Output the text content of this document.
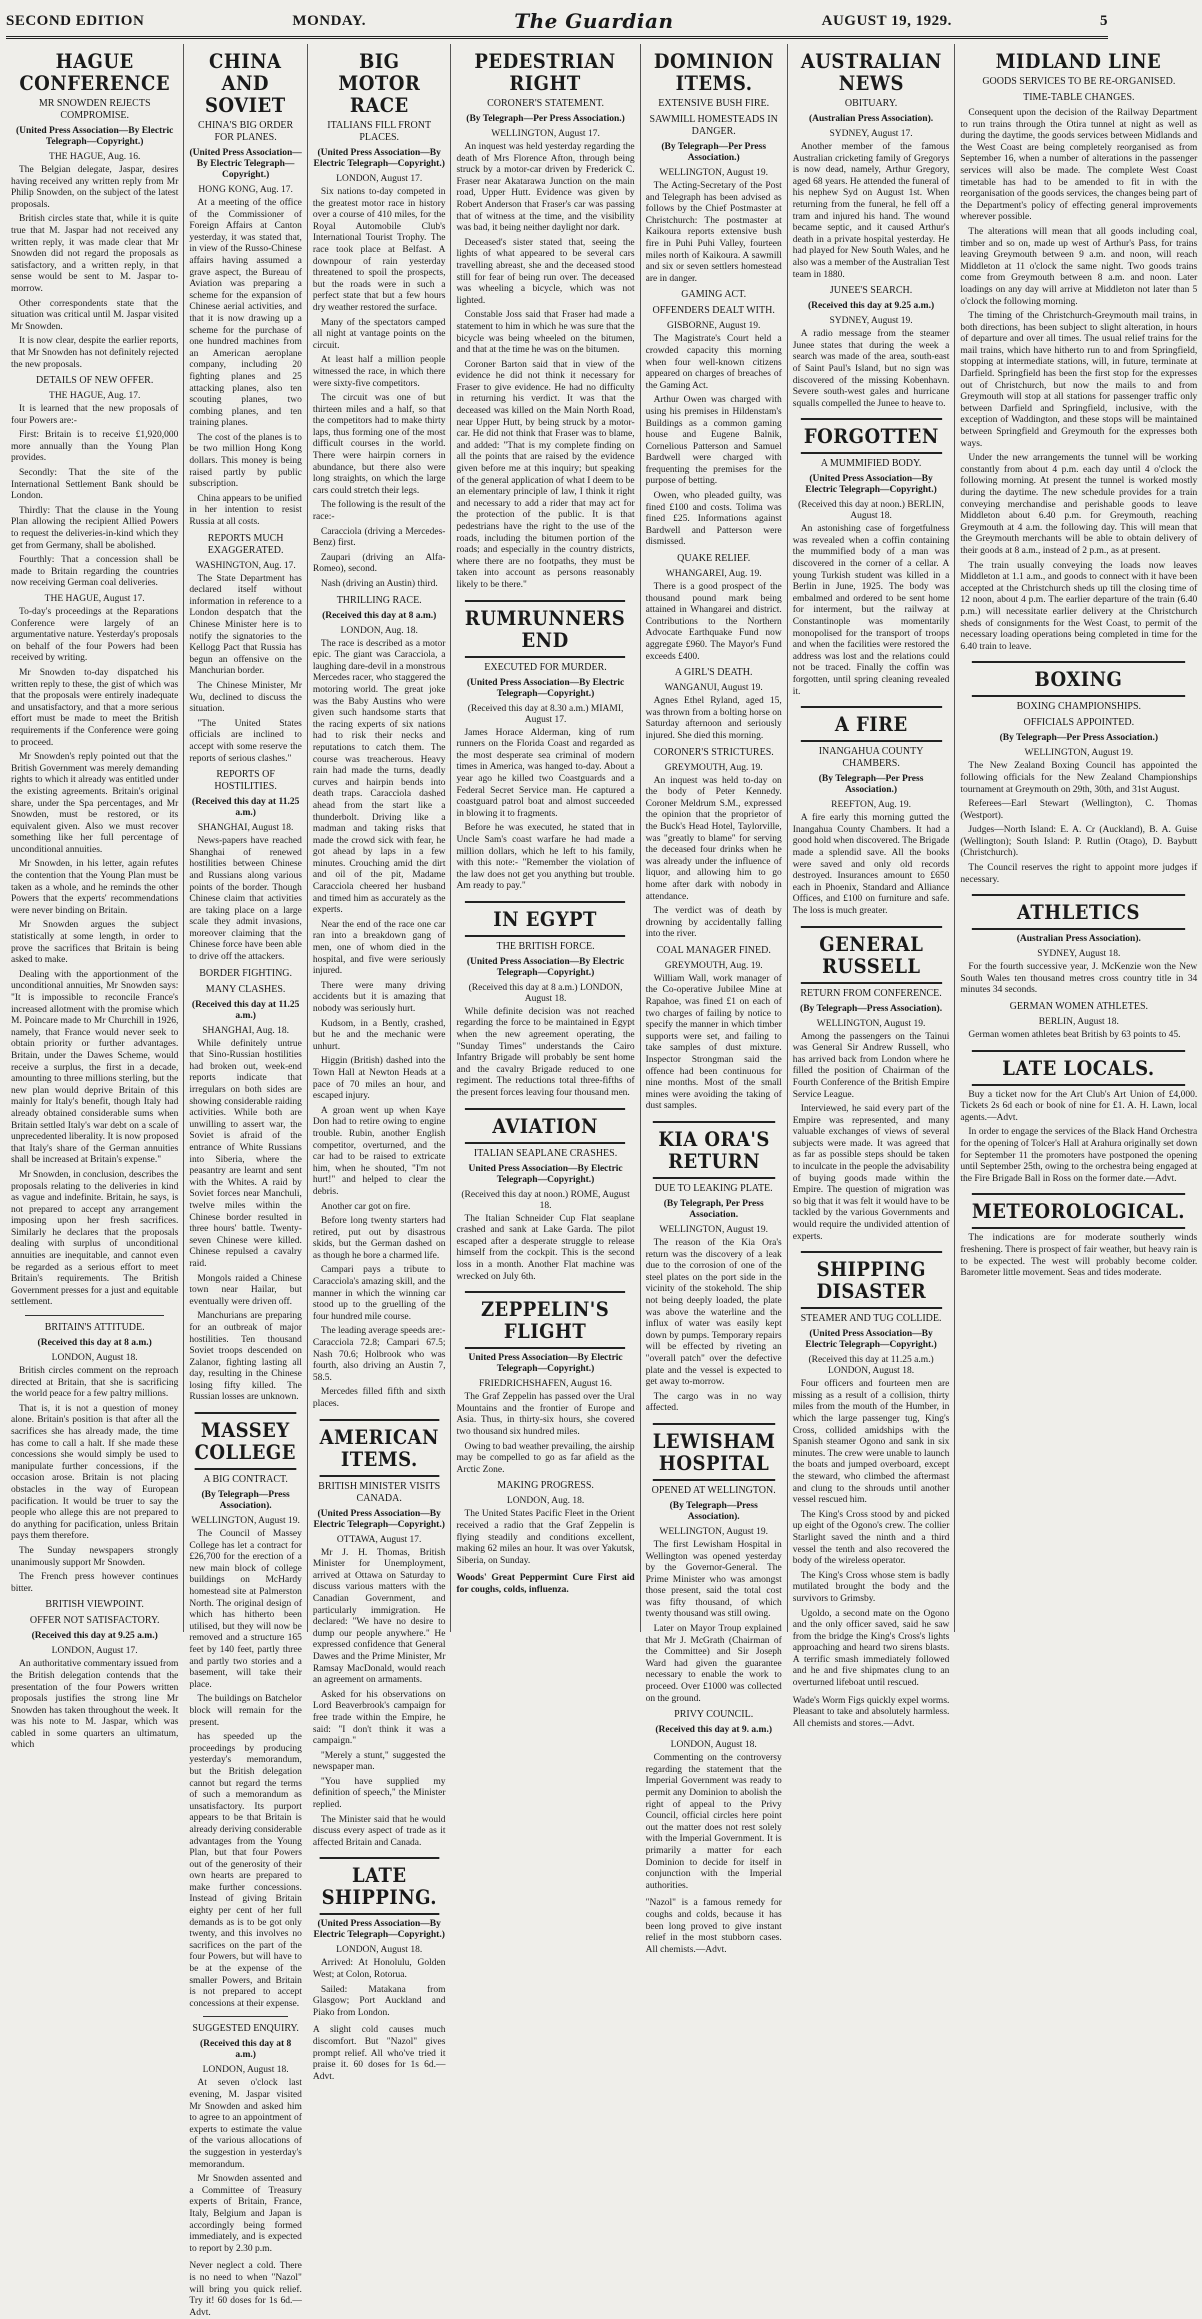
SECOND EDITION	MONDAY.	The Guardian	AUGUST 19, 1929.	5
HAGUE CONFERENCE
MR SNOWDEN REJECTS COMPROMISE.
(United Press Association—By Electric Telegraph—Copyright.)
THE HAGUE, Aug. 16.

The Belgian delegate, Jaspar, desires having received any written reply from Mr Philip Snowden, on the subject of the latest proposals.

British circles state that, while it is quite true that M. Jaspar had not received any written reply, it was made clear that Mr Snowden did not regard the proposals as satisfactory, and a written reply, in that sense would be sent to M. Jaspar to-morrow.

Other correspondents state that the situation was critical until M. Jaspar visited Mr Snowden.

It is now clear, despite the earlier reports, that Mr Snowden has not definitely rejected the new proposals.

DETAILS OF NEW OFFER.
THE HAGUE, Aug. 17.

It is learned that the new proposals of four Powers are:-

First: Britain is to receive £1,920,000 more annually than the Young Plan provides.

Secondly: That the site of the International Settlement Bank should be London.

Thirdly: That the clause in the Young Plan allowing the recipient Allied Powers to request the deliveries-in-kind which they get from Germany, shall be abolished.

Fourthly: That a concession shall be made to Britain regarding the countries now receiving German coal deliveries.

THE HAGUE, August 17.

To-day's proceedings at the Reparations Conference were largely of an argumentative nature. Yesterday's proposals on behalf of the four Powers had been received by writing.

Mr Snowden to-day dispatched his written reply to these, the gist of which was that the proposals were entirely inadequate and unsatisfactory, and that a more serious effort must be made to meet the British requirements if the Conference were going to proceed.

Mr Snowden's reply pointed out that the British Government was merely demanding rights to which it already was entitled under the existing agreements. Britain's original share, under the Spa percentages, and Mr Snowden, must be restored, or its equivalent given. Also we must recover something like her full percentage of unconditional annuities.

Mr Snowden, in his letter, again refutes the contention that the Young Plan must be taken as a whole, and he reminds the other Powers that the experts' recommendations were never binding on Britain.

Mr Snowden argues the subject statistically at some length, in order to prove the sacrifices that Britain is being asked to make.

Dealing with the apportionment of the unconditional annuities, Mr Snowden says: "It is impossible to reconcile France's increased allotment with the promise which M. Poincare made to Mr Churchill in 1926, namely, that France would never seek to obtain priority or further advantages. Britain, under the Dawes Scheme, would receive a surplus, the first in a decade, amounting to three millions sterling, but the new plan would deprive Britain of this mainly for Italy's benefit, though Italy had already obtained considerable sums when Britain settled Italy's war debt on a scale of unprecedented liberality. It is now proposed that Italy's share of the German annuities shall be increased at Britain's expense."

Mr Snowden, in conclusion, describes the proposals relating to the deliveries in kind as vague and indefinite. Britain, he says, is not prepared to accept any arrangement imposing upon her fresh sacrifices. Similarly he declares that the proposals dealing with surplus of unconditional annuities are inequitable, and cannot even be regarded as a serious effort to meet Britain's requirements. The British Government presses for a just and equitable settlement.

BRITAIN'S ATTITUDE.
(Received this day at 8 a.m.)
LONDON, August 18.

British circles comment on the reproach directed at Britain, that she is sacrificing the world peace for a few paltry millions.

That is, it is not a question of money alone. Britain's position is that after all the sacrifices she has already made, the time has come to call a halt. If she made these concessions she would simply be used to manipulate further concessions, if the occasion arose. Britain is not placing obstacles in the way of European pacification. It would be truer to say the people who allege this are not prepared to do anything for pacification, unless Britain pays them therefore.

The Sunday newspapers strongly unanimously support Mr Snowden.

The French press however continues bitter.

BRITISH VIEWPOINT.
OFFER NOT SATISFACTORY.
(Received this day at 9.25 a.m.)
LONDON, August 17.

An authoritative commentary issued from the British delegation contends that the presentation of the four Powers written proposals justifies the strong line Mr Snowden has taken throughout the week. It was his note to M. Jaspar, which was cabled in some quarters an ultimatum, which

CHINA AND SOVIET
CHINA'S BIG ORDER FOR PLANES.
(United Press Association—By Electric Telegraph—Copyright.)
HONG KONG, Aug. 17.

At a meeting of the office of the Commissioner of Foreign Affairs at Canton yesterday, it was stated that, in view of the Russo-Chinese affairs having assumed a grave aspect, the Bureau of Aviation was preparing a scheme for the expansion of Chinese aerial activities, and that it is now drawing up a scheme for the purchase of one hundred machines from an American aeroplane company, including 20 fighting planes and 25 attacking planes, also ten scouting planes, two combing planes, and ten training planes.

The cost of the planes is to be two million Hong Kong dollars. This money is being raised partly by public subscription.

China appears to be unified in her intention to resist Russia at all costs.

REPORTS MUCH EXAGGERATED.
WASHINGTON, Aug. 17.

The State Department has declared itself without information in reference to a London despatch that the Chinese Minister here is to notify the signatories to the Kellogg Pact that Russia has begun an offensive on the Manchurian border.

The Chinese Minister, Mr Wu, declined to discuss the situation.

"The United States officials are inclined to accept with some reserve the reports of serious clashes."

REPORTS OF HOSTILITIES.
(Received this day at 11.25 a.m.)
SHANGHAI, August 18.

News-papers have reached Shanghai of renewed hostilities between Chinese and Russians along various points of the border. Though Chinese claim that activities are taking place on a large scale they admit invasions, moreover claiming that the Chinese force have been able to drive off the attackers.

BORDER FIGHTING.
MANY CLASHES.
(Received this day at 11.25 a.m.)
SHANGHAI, Aug. 18.

While definitely untrue that Sino-Russian hostilities had broken out, week-end reports indicate that irregulars on both sides are showing considerable raiding activities. While both are unwilling to assert war, the Soviet is afraid of the entrance of White Russians into Siberia, where the peasantry are learnt and sent with the Whites. A raid by Soviet forces near Manchuli, twelve miles within the Chinese border resulted in three hours' battle. Twenty-seven Chinese were killed. Chinese repulsed a cavalry raid.

Mongols raided a Chinese town near Hailar, but eventually were driven off.

Manchurians are preparing for an outbreak of major hostilities. Ten thousand Soviet troops descended on Zalanor, fighting lasting all day, resulting in the Chinese losing fifty killed. The Russian losses are unknown.

MASSEY COLLEGE
A BIG CONTRACT.
(By Telegraph—Press Association).
WELLINGTON, August 19.

The Council of Massey College has let a contract for £26,700 for the erection of a new main block of college buildings on McHardy homestead site at Palmerston North. The original design of which has hitherto been utilised, but they will now be removed and a structure 165 feet by 140 feet, partly three and partly two stories and a basement, will take their place.

The buildings on Batchelor block will remain for the present.

has speeded up the proceedings by producing yesterday's memorandum, but the British delegation cannot but regard the terms of such a memorandum as unsatisfactory. Its purport appears to be that Britain is already deriving considerable advantages from the Young Plan, but that four Powers out of the generosity of their own hearts are prepared to make further concessions. Instead of giving Britain eighty per cent of her full demands as is to be got only twenty, and this involves no sacrifices on the part of the four Powers, but will have to be at the expense of the smaller Powers, and Britain is not prepared to accept concessions at their expense.

SUGGESTED ENQUIRY.
(Received this day at 8 a.m.)
LONDON, August 18.

At seven o'clock last evening, M. Jaspar visited Mr Snowden and asked him to agree to an appointment of experts to estimate the value of the various allocations of the suggestion in yesterday's memorandum.

Mr Snowden assented and a Committee of Treasury experts of Britain, France, Italy, Belgium and Japan is accordingly being formed immediately, and is expected to report by 2.30 p.m.

Never neglect a cold. There is no need to when "Nazol" will bring you quick relief. Try it! 60 doses for 1s 6d.—Advt.

BIG MOTOR RACE
ITALIANS FILL FRONT PLACES.
(United Press Association—By Electric Telegraph—Copyright.)
LONDON, August 17.

Six nations to-day competed in the greatest motor race in history over a course of 410 miles, for the Royal Automobile Club's International Tourist Trophy. The race took place at Belfast. A downpour of rain yesterday threatened to spoil the prospects, but the roads were in such a perfect state that but a few hours dry weather restored the surface.

Many of the spectators camped all night at vantage points on the circuit.

At least half a million people witnessed the race, in which there were sixty-five competitors.

The circuit was one of but thirteen miles and a half, so that the competitors had to make thirty laps, thus forming one of the most difficult courses in the world. There were hairpin corners in abundance, but there also were long straights, on which the large cars could stretch their legs.

The following is the result of the race:-

Caracciola (driving a Mercedes-Benz) first.

Zaupari (driving an Alfa-Romeo), second.

Nash (driving an Austin) third.

THRILLING RACE.
(Received this day at 8 a.m.)
LONDON, Aug. 18.

The race is described as a motor epic. The giant was Caracciola, a laughing dare-devil in a monstrous Mercedes racer, who staggered the motoring world. The great joke was the Baby Austins who were given such handsome starts that the racing experts of six nations had to risk their necks and reputations to catch them. The course was treacherous. Heavy rain had made the turns, deadly curves and hairpin bends into death traps. Caracciola dashed ahead from the start like a thunderbolt. Driving like a madman and taking risks that made the crowd sick with fear, he got ahead by laps in a few minutes. Crouching amid the dirt and oil of the pit, Madame Caracciola cheered her husband and timed him as accurately as the experts.

Near the end of the race one car ran into a breakdown gang of men, one of whom died in the hospital, and five were seriously injured.

There were many driving accidents but it is amazing that nobody was seriously hurt.

Kudsom, in a Bently, crashed, but he and the mechanic were unhurt.

Higgin (British) dashed into the Town Hall at Newton Heads at a pace of 70 miles an hour, and escaped injury.

A groan went up when Kaye Don had to retire owing to engine trouble. Rubin, another English competitor, overturned, and the car had to be raised to extricate him, when he shouted, "I'm not hurt!" and helped to clear the debris.

Another car got on fire.

Before long twenty starters had retired, put out by disastrous skids, but the German dashed on as though he bore a charmed life.

Campari pays a tribute to Caracciola's amazing skill, and the manner in which the winning car stood up to the gruelling of the four hundred mile course.

The leading average speeds are:- Caracciola 72.8; Campari 67.5; Nash 70.6; Holbrook who was fourth, also driving an Austin 7, 58.5.

Mercedes filled fifth and sixth places.

AMERICAN ITEMS.
BRITISH MINISTER VISITS CANADA.
(United Press Association—By Electric Telegraph—Copyright.)
OTTAWA, August 17.

Mr J. H. Thomas, British Minister for Unemployment, arrived at Ottawa on Saturday to discuss various matters with the Canadian Government, and particularly immigration. He declared: "We have no desire to dump our people anywhere." He expressed confidence that General Dawes and the Prime Minister, Mr Ramsay MacDonald, would reach an agreement on armaments.

Asked for his observations on Lord Beaverbrook's campaign for free trade within the Empire, he said: "I don't think it was a campaign."

"Merely a stunt," suggested the newspaper man.

"You have supplied my definition of speech," the Minister replied.

The Minister said that he would discuss every aspect of trade as it affected Britain and Canada.

LATE SHIPPING.
(United Press Association—By Electric Telegraph—Copyright.)
LONDON, August 18.

Arrived: At Honolulu, Golden West; at Colon, Rotorua.

Sailed: Matakana from Glasgow; Port Auckland and Piako from London.

A slight cold causes much discomfort. But "Nazol" gives prompt relief. All who've tried it praise it. 60 doses for 1s 6d.—Advt.

PEDESTRIAN RIGHT
CORONER'S STATEMENT.
(By Telegraph—Per Press Association.)
WELLINGTON, August 17.

An inquest was held yesterday regarding the death of Mrs Florence Afton, through being struck by a motor-car driven by Frederick C. Fraser near Akatarawa Junction on the main road, Upper Hutt. Evidence was given by Robert Anderson that Fraser's car was passing that of witness at the time, and the visibility was bad, it being neither daylight nor dark.

Deceased's sister stated that, seeing the lights of what appeared to be several cars travelling abreast, she and the deceased stood still for fear of being run over. The deceased was wheeling a bicycle, which was not lighted.

Constable Joss said that Fraser had made a statement to him in which he was sure that the bicycle was being wheeled on the bitumen, and that at the time he was on the bitumen.

Coroner Barton said that in view of the evidence he did not think it necessary for Fraser to give evidence. He had no difficulty in returning his verdict. It was that the deceased was killed on the Main North Road, near Upper Hutt, by being struck by a motor-car. He did not think that Fraser was to blame, and added: "That is my complete finding on all the points that are raised by the evidence given before me at this inquiry; but speaking of the general application of what I deem to be an elementary principle of law, I think it right and necessary to add a rider that may act for the protection of the public. It is that pedestrians have the right to the use of the roads, including the bitumen portion of the roads; and especially in the country districts, where there are no footpaths, they must be taken into account as persons reasonably likely to be there."

RUMRUNNERS END
EXECUTED FOR MURDER.
(United Press Association—By Electric Telegraph—Copyright.)
(Received this day at 8.30 a.m.) MIAMI, August 17.

James Horace Alderman, king of rum runners on the Florida Coast and regarded as the most desperate sea criminal of modern times in America, was hanged to-day. About a year ago he killed two Coastguards and a Federal Secret Service man. He captured a coastguard patrol boat and almost succeeded in blowing it to fragments.

Before he was executed, he stated that in Uncle Sam's coast warfare he had made a million dollars, which he left to his family, with this note:- "Remember the violation of the law does not get you anything but trouble. Am ready to pay."

IN EGYPT
THE BRITISH FORCE.
(United Press Association—By Electric Telegraph—Copyright.)
(Received this day at 8 a.m.) LONDON, August 18.

While definite decision was not reached regarding the force to be maintained in Egypt when the new agreement operating, the "Sunday Times" understands the Cairo Infantry Brigade will probably be sent home and the cavalry Brigade reduced to one regiment. The reductions total three-fifths of the present forces leaving four thousand men.

AVIATION
ITALIAN SEAPLANE CRASHES.
United Press Association—By Electric Telegraph—Copyright.)
(Received this day at noon.) ROME, August 18.

The Italian Schneider Cup Flat seaplane crashed and sank at Lake Garda. The pilot escaped after a desperate struggle to release himself from the cockpit. This is the second loss in a month. Another Flat machine was wrecked on July 6th.

ZEPPELIN'S FLIGHT
United Press Association—By Electric Telegraph—Copyright.)
FRIEDRICHSHAFEN, August 16.

The Graf Zeppelin has passed over the Ural Mountains and the frontier of Europe and Asia. Thus, in thirty-six hours, she covered two thousand six hundred miles.

Owing to bad weather prevailing, the airship may be compelled to go as far afield as the Arctic Zone.

MAKING PROGRESS.
LONDON, Aug. 18.

The United States Pacific Fleet in the Orient received a radio that the Graf Zeppelin is flying steadily and conditions excellent, making 62 miles an hour. It was over Yakutsk, Siberia, on Sunday.

Woods' Great Peppermint Cure First aid for coughs, colds, influenza.

DOMINION ITEMS.
EXTENSIVE BUSH FIRE.
SAWMILL HOMESTEADS IN DANGER.
(By Telegraph—Per Press Association.)
WELLINGTON, August 19.

The Acting-Secretary of the Post and Telegraph has been advised as follows by the Chief Postmaster at Christchurch: The postmaster at Kaikoura reports extensive bush fire in Puhi Puhi Valley, fourteen miles north of Kaikoura. A sawmill and six or seven settlers homestead are in danger.

GAMING ACT.
OFFENDERS DEALT WITH.
GISBORNE, August 19.

The Magistrate's Court held a crowded capacity this morning when four well-known citizens appeared on charges of breaches of the Gaming Act.

Arthur Owen was charged with using his premises in Hildenstam's Buildings as a common gaming house and Eugene Balnik, Cornelious Patterson and Samuel Bardwell were charged with frequenting the premises for the purpose of betting.

Owen, who pleaded guilty, was fined £100 and costs. Tolima was fined £25. Informations against Bardwell and Patterson were dismissed.

QUAKE RELIEF.
WHANGAREI, Aug. 19.

There is a good prospect of the thousand pound mark being attained in Whangarei and district. Contributions to the Northern Advocate Earthquake Fund now aggregate £960. The Mayor's Fund exceeds £400.

A GIRL'S DEATH.
WANGANUI, August 19.

Agnes Ethel Ryland, aged 15, was thrown from a bolting horse on Saturday afternoon and seriously injured. She died this morning.

CORONER'S STRICTURES.
GREYMOUTH, Aug. 19.

An inquest was held to-day on the body of Peter Kennedy. Coroner Meldrum S.M., expressed the opinion that the proprietor of the Buck's Head Hotel, Taylorville, was "greatly to blame" for serving the deceased four drinks when he was already under the influence of liquor, and allowing him to go home after dark with nobody in attendance.

The verdict was of death by drowning by accidentally falling into the river.

COAL MANAGER FINED.
GREYMOUTH, Aug. 19.

William Wall, work manager of the Co-operative Jubilee Mine at Rapahoe, was fined £1 on each of two charges of failing by notice to specify the manner in which timber supports were set, and failing to take samples of dust mixture. Inspector Strongman said the offence had been continuous for nine months. Most of the small mines were avoiding the taking of dust samples.

KIA ORA'S RETURN
DUE TO LEAKING PLATE.
(By Telegraph, Per Press Association.
WELLINGTON, August 19.

The reason of the Kia Ora's return was the discovery of a leak due to the corrosion of one of the steel plates on the port side in the vicinity of the stokehold. The ship not being deeply loaded, the plate was above the waterline and the influx of water was easily kept down by pumps. Temporary repairs will be effected by riveting an "overall patch" over the defective plate and the vessel is expected to get away to-morrow.

The cargo was in no way affected.

LEWISHAM HOSPITAL
OPENED AT WELLINGTON.
(By Telegraph—Press Association).
WELLINGTON, August 19.

The first Lewisham Hospital in Wellington was opened yesterday by the Governor-General. The Prime Minister who was amongst those present, said the total cost was fifty thousand, of which twenty thousand was still owing.

Later on Mayor Troup explained that Mr J. McGrath (Chairman of the Committee) and Sir Joseph Ward had given the guarantee necessary to enable the work to proceed. Over £1000 was collected on the ground.

PRIVY COUNCIL.
(Received this day at 9. a.m.)
LONDON, August 18.

Commenting on the controversy regarding the statement that the Imperial Government was ready to permit any Dominion to abolish the right of appeal to the Privy Council, official circles here point out the matter does not rest solely with the Imperial Government. It is primarily a matter for each Dominion to decide for itself in conjunction with the Imperial authorities.

"Nazol" is a famous remedy for coughs and colds, because it has been long proved to give instant relief in the most stubborn cases. All chemists.—Advt.

AUSTRALIAN NEWS
OBITUARY.
(Australian Press Association).
SYDNEY, August 17.

Another member of the famous Australian cricketing family of Gregorys is now dead, namely, Arthur Gregory, aged 68 years. He attended the funeral of his nephew Syd on August 1st. When returning from the funeral, he fell off a tram and injured his hand. The wound became septic, and it caused Arthur's death in a private hospital yesterday. He had played for New South Wales, and he also was a member of the Australian Test team in 1880.

JUNEE'S SEARCH.
(Received this day at 9.25 a.m.)
SYDNEY, August 19.

A radio message from the steamer Junee states that during the week a search was made of the area, south-east of Saint Paul's Island, but no sign was discovered of the missing Kobenhavn. Severe south-west gales and hurricane squalls compelled the Junee to heave to.

FORGOTTEN
A MUMMIFIED BODY.
(United Press Association—By Electric Telegraph—Copyright.)
(Received this day at noon.) BERLIN, August 18.

An astonishing case of forgetfulness was revealed when a coffin containing the mummified body of a man was discovered in the corner of a cellar. A young Turkish student was killed in a Berlin in June, 1925. The body was embalmed and ordered to be sent home for interment, but the railway at Constantinople was momentarily monopolised for the transport of troops and when the facilities were restored the address was lost and the relations could not be traced. Finally the coffin was forgotten, until spring cleaning revealed it.

A FIRE
INANGAHUA COUNTY CHAMBERS.
(By Telegraph—Per Press Association.)
REEFTON, Aug. 19.

A fire early this morning gutted the Inangahua County Chambers. It had a good hold when discovered. The Brigade made a splendid save. All the books were saved and only old records destroyed. Insurances amount to £650 each in Phoenix, Standard and Alliance Offices, and £100 on furniture and safe. The loss is much greater.

GENERAL RUSSELL
RETURN FROM CONFERENCE.
(By Telegraph—Press Association).
WELLINGTON, August 19.

Among the passengers on the Tainui was General Sir Andrew Russell, who has arrived back from London where he filled the position of Chairman of the Fourth Conference of the British Empire Service League.

Interviewed, he said every part of the Empire was represented, and many valuable exchanges of views of several subjects were made. It was agreed that as far as possible steps should be taken to inculcate in the people the advisability of buying goods made within the Empire. The question of migration was so big that it was felt it would have to be tackled by the various Governments and would require the undivided attention of experts.

SHIPPING DISASTER
STEAMER AND TUG COLLIDE.
(United Press Association—By Electric Telegraph—Copyright.)
(Received this day at 11.25 a.m.) LONDON, August 18.

Four officers and fourteen men are missing as a result of a collision, thirty miles from the mouth of the Humber, in which the large passenger tug, King's Cross, collided amidships with the Spanish steamer Ogono and sank in six minutes. The crew were unable to launch the boats and jumped overboard, except the steward, who climbed the aftermast and clung to the shrouds until another vessel rescued him.

The King's Cross stood by and picked up eight of the Ogono's crew. The collier Starlight saved the ninth and a third vessel the tenth and also recovered the body of the wireless operator.

The King's Cross whose stem is badly mutilated brought the body and the survivors to Grimsby.

Ugoldo, a second mate on the Ogono and the only officer saved, said he saw from the bridge the King's Cross's lights approaching and heard two sirens blasts. A terrific smash immediately followed and he and five shipmates clung to an overturned lifeboat until rescued.

Wade's Worm Figs quickly expel worms. Pleasant to take and absolutely harmless. All chemists and stores.—Advt.

MIDLAND LINE
GOODS SERVICES TO BE RE-ORGANISED.
TIME-TABLE CHANGES.

Consequent upon the decision of the Railway Department to run trains through the Otira tunnel at night as well as during the daytime, the goods services between Midlands and the West Coast are being completely reorganised as from September 16, when a number of alterations in the passenger services will also be made. The complete West Coast timetable has had to be amended to fit in with the reorganisation of the goods services, the changes being part of the Department's policy of effecting general improvements wherever possible.

The alterations will mean that all goods including coal, timber and so on, made up west of Arthur's Pass, for trains leaving Greymouth between 9 a.m. and noon, will reach Middleton at 11 o'clock the same night. Two goods trains come from Greymouth between 8 a.m. and noon. Later loadings on any day will arrive at Middleton not later than 5 o'clock the following morning.

The timing of the Christchurch-Greymouth mail trains, in both directions, has been subject to slight alteration, in hours of departure and over all times. The usual relief trains for the mail trains, which have hitherto run to and from Springfield, stopping at intermediate stations, will, in future, terminate at Darfield. Springfield has been the first stop for the expresses out of Christchurch, but now the mails to and from Greymouth will stop at all stations for passenger traffic only between Darfield and Springfield, inclusive, with the exception of Waddington, and these stops will be maintained between Springfield and Greymouth for the expresses both ways.

Under the new arrangements the tunnel will be working constantly from about 4 p.m. each day until 4 o'clock the following morning. At present the tunnel is worked mostly during the daytime. The new schedule provides for a train conveying merchandise and perishable goods to leave Middleton about 6.40 p.m. for Greymouth, reaching Greymouth at 4 a.m. the following day. This will mean that the Greymouth merchants will be able to obtain delivery of their goods at 8 a.m., instead of 2 p.m., as at present.

The train usually conveying the loads now leaves Middleton at 1.1 a.m., and goods to connect with it have been accepted at the Christchurch sheds up till the closing time of 12 noon, about 4 p.m. The earlier departure of the train (6.40 p.m.) will necessitate earlier delivery at the Christchurch sheds of consignments for the West Coast, to permit of the necessary loading operations being completed in time for the 6.40 train to leave.

BOXING
BOXING CHAMPIONSHIPS.
OFFICIALS APPOINTED.
(By Telegraph—Per Press Association.)
WELLINGTON, August 19.

The New Zealand Boxing Council has appointed the following officials for the New Zealand Championships tournament at Greymouth on 29th, 30th, and 31st August.

Referees—Earl Stewart (Wellington), C. Thomas (Westport).

Judges—North Island: E. A. Cr (Auckland), B. A. Guise (Wellington); South Island: P. Rutlin (Otago), D. Baybutt (Christchurch).

The Council reserves the right to appoint more judges if necessary.

ATHLETICS
(Australian Press Association).
SYDNEY, August 18.

For the fourth successive year, J. McKenzie won the New South Wales ten thousand metres cross country title in 34 minutes 34 seconds.

GERMAN WOMEN ATHLETES.
BERLIN, August 18.

German women athletes beat British by 63 points to 45.

LATE LOCALS.

Buy a ticket now for the Art Club's Art Union of £4,000. Tickets 2s 6d each or book of nine for £1. A. H. Lawn, local agents.—Advt.

In order to engage the services of the Black Hand Orchestra for the opening of Tolcer's Hall at Arahura originally set down for September 11 the promoters have postponed the opening until September 25th, owing to the orchestra being engaged at the Fire Brigade Ball in Ross on the former date.—Advt.

METEOROLOGICAL.

The indications are for moderate southerly winds freshening. There is prospect of fair weather, but heavy rain is to be expected. The west will probably become colder. Barometer little movement. Seas and tides moderate.
